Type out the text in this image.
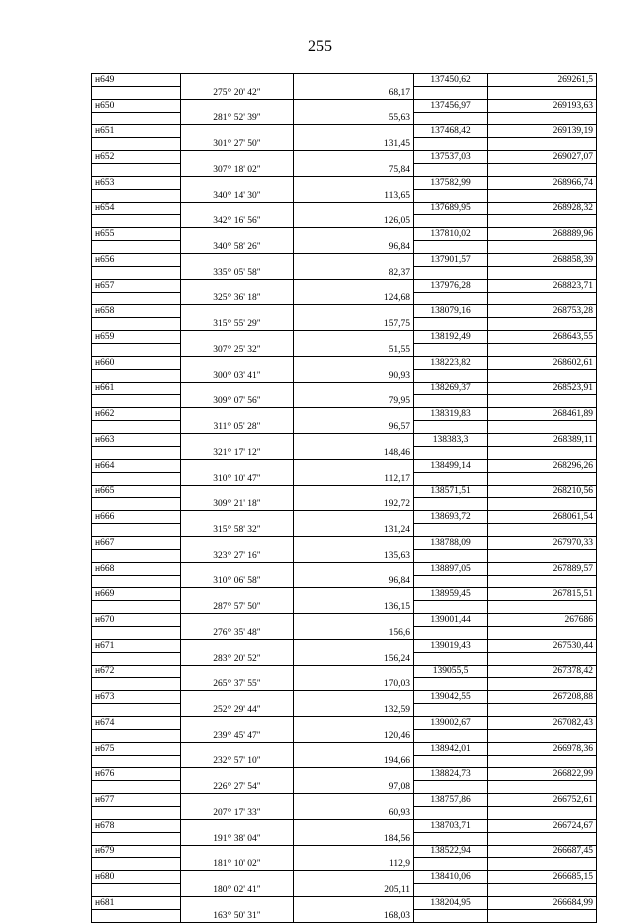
255
н649			137450,62	269261,5
	275° 20' 42"	68,17		
н650			137456,97	269193,63
	281° 52' 39"	55,63		
н651			137468,42	269139,19
	301° 27' 50"	131,45		
н652			137537,03	269027,07
	307° 18' 02"	75,84		
н653			137582,99	268966,74
	340° 14' 30"	113,65		
н654			137689,95	268928,32
	342° 16' 56"	126,05		
н655			137810,02	268889,96
	340° 58' 26"	96,84		
н656			137901,57	268858,39
	335° 05' 58"	82,37		
н657			137976,28	268823,71
	325° 36' 18"	124,68		
н658			138079,16	268753,28
	315° 55' 29"	157,75		
н659			138192,49	268643,55
	307° 25' 32"	51,55		
н660			138223,82	268602,61
	300° 03' 41"	90,93		
н661			138269,37	268523,91
	309° 07' 56"	79,95		
н662			138319,83	268461,89
	311° 05' 28"	96,57		
н663			138383,3	268389,11
	321° 17' 12"	148,46		
н664			138499,14	268296,26
	310° 10' 47"	112,17		
н665			138571,51	268210,56
	309° 21' 18"	192,72		
н666			138693,72	268061,54
	315° 58' 32"	131,24		
н667			138788,09	267970,33
	323° 27' 16"	135,63		
н668			138897,05	267889,57
	310° 06' 58"	96,84		
н669			138959,45	267815,51
	287° 57' 50"	136,15		
н670			139001,44	267686
	276° 35' 48"	156,6		
н671			139019,43	267530,44
	283° 20' 52"	156,24		
н672			139055,5	267378,42
	265° 37' 55"	170,03		
н673			139042,55	267208,88
	252° 29' 44"	132,59		
н674			139002,67	267082,43
	239° 45' 47"	120,46		
н675			138942,01	266978,36
	232° 57' 10"	194,66		
н676			138824,73	266822,99
	226° 27' 54"	97,08		
н677			138757,86	266752,61
	207° 17' 33"	60,93		
н678			138703,71	266724,67
	191° 38' 04"	184,56		
н679			138522,94	266687,45
	181° 10' 02"	112,9		
н680			138410,06	266685,15
	180° 02' 41"	205,11		
н681			138204,95	266684,99
	163° 50' 31"	168,03		
